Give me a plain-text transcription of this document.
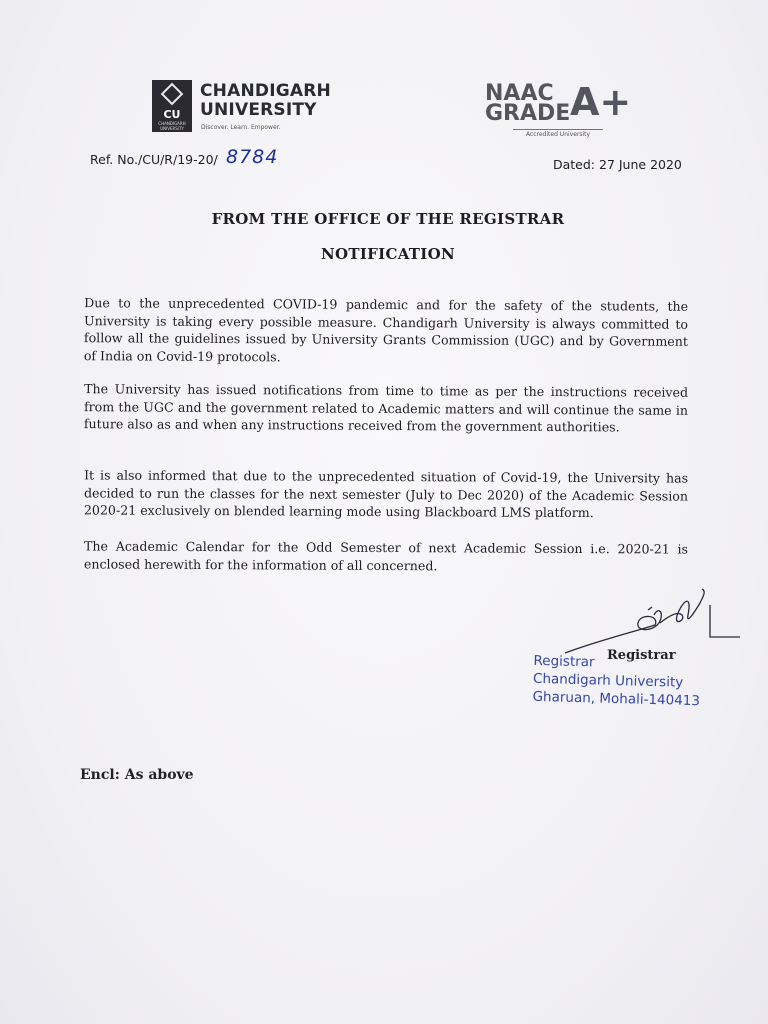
CU
CHANDIGARH UNIVERSITY
CHANDIGARH
UNIVERSITY
Discover. Learn. Empower.
NAAC
GRADE A+
Accredited University
Ref. No./CU/R/19-20/ 8784	Dated: 27 June 2020
FROM THE OFFICE OF THE REGISTRAR
NOTIFICATION

Due to the unprecedented COVID-19 pandemic and for the safety of the students, the University is taking every possible measure. Chandigarh University is always committed to follow all the guidelines issued by University Grants Commission (UGC) and by Government of India on Covid-19 protocols.

The University has issued notifications from time to time as per the instructions received from the UGC and the government related to Academic matters and will continue the same in future also as and when any instructions received from the government authorities.

It is also informed that due to the unprecedented situation of Covid-19, the University has decided to run the classes for the next semester (July to Dec 2020) of the Academic Session 2020-21 exclusively on blended learning mode using Blackboard LMS platform.

The Academic Calendar for the Odd Semester of next Academic Session i.e. 2020-21 is enclosed herewith for the information of all concerned.

Registrar
Registrar
Chandigarh University
Gharuan, Mohali-140413
Encl: As above
